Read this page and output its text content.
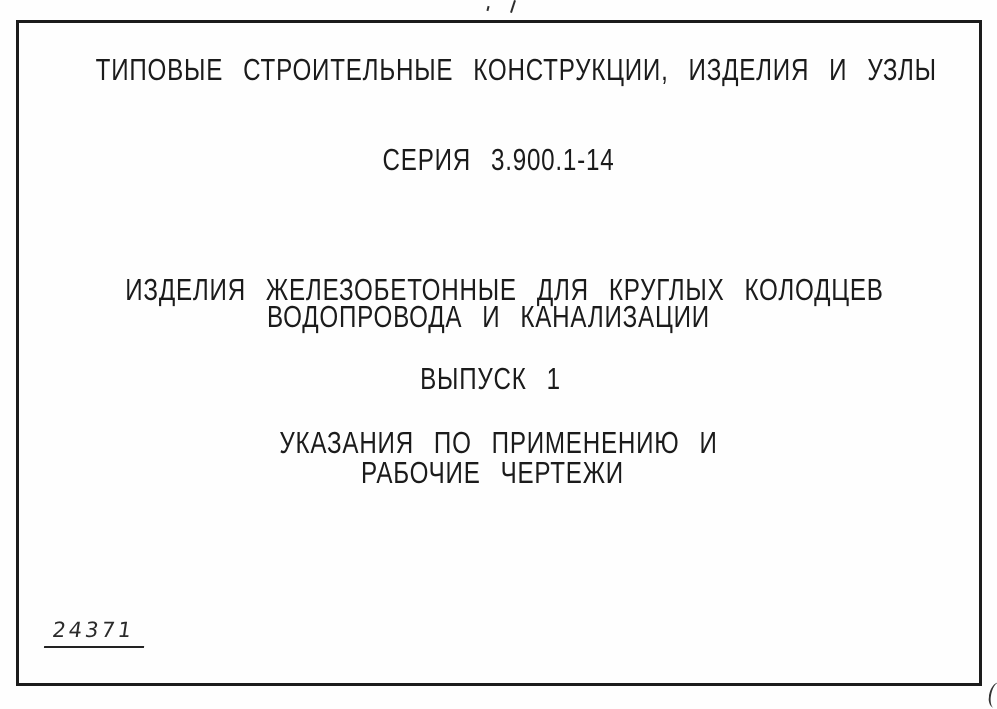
ТИПОВЫЕ СТРОИТЕЛЬНЫЕ КОНСТРУКЦИИ, ИЗДЕЛИЯ И УЗЛЫ
СЕРИЯ 3.900.1-14
ИЗДЕЛИЯ ЖЕЛЕЗОБЕТОННЫЕ ДЛЯ КРУГЛЫХ КОЛОДЦЕВ
ВОДОПРОВОДА И КАНАЛИЗАЦИИ
ВЫПУСК 1
УКАЗАНИЯ ПО ПРИМЕНЕНИЮ И
РАБОЧИЕ ЧЕРТЕЖИ
24371
